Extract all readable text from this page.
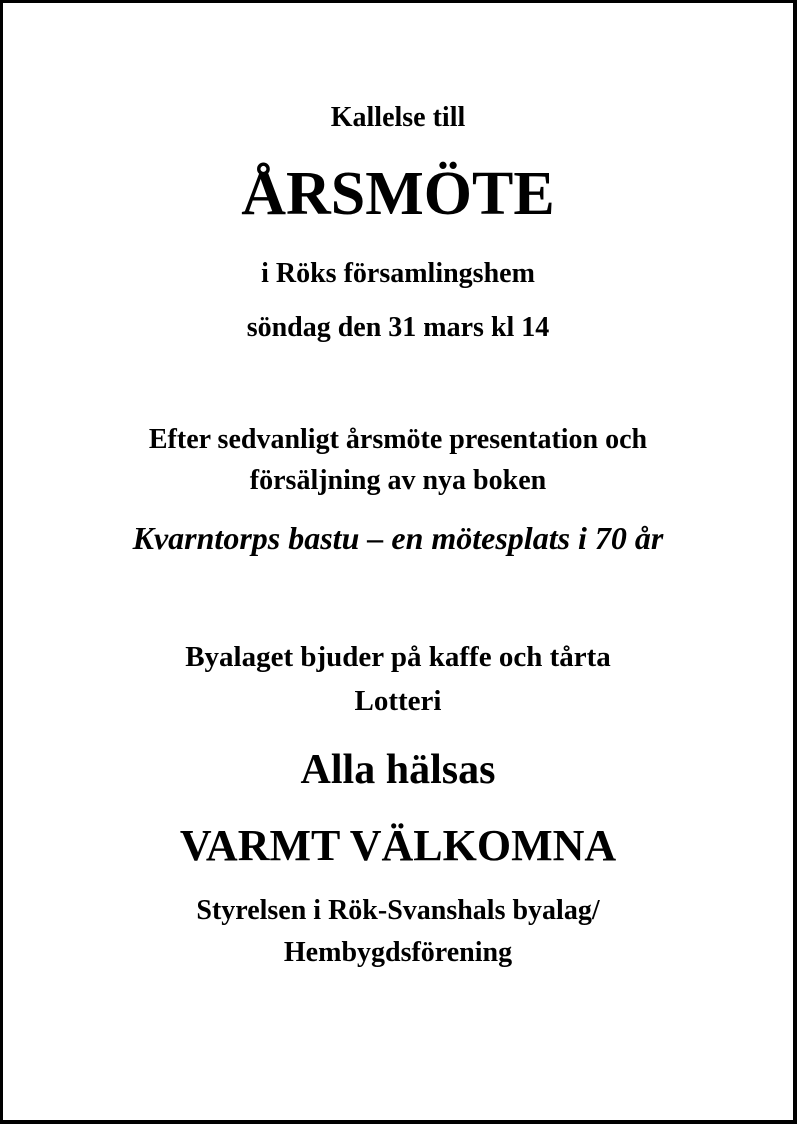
Kallelse till
ÅRSMÖTE
i Röks församlingshem
söndag den 31 mars kl 14
Efter sedvanligt årsmöte presentation och
försäljning av nya boken
Kvarntorps bastu – en mötesplats i 70 år
Byalaget bjuder på kaffe och tårta
Lotteri
Alla hälsas
VARMT VÄLKOMNA
Styrelsen i Rök-Svanshals byalag/
Hembygdsförening
